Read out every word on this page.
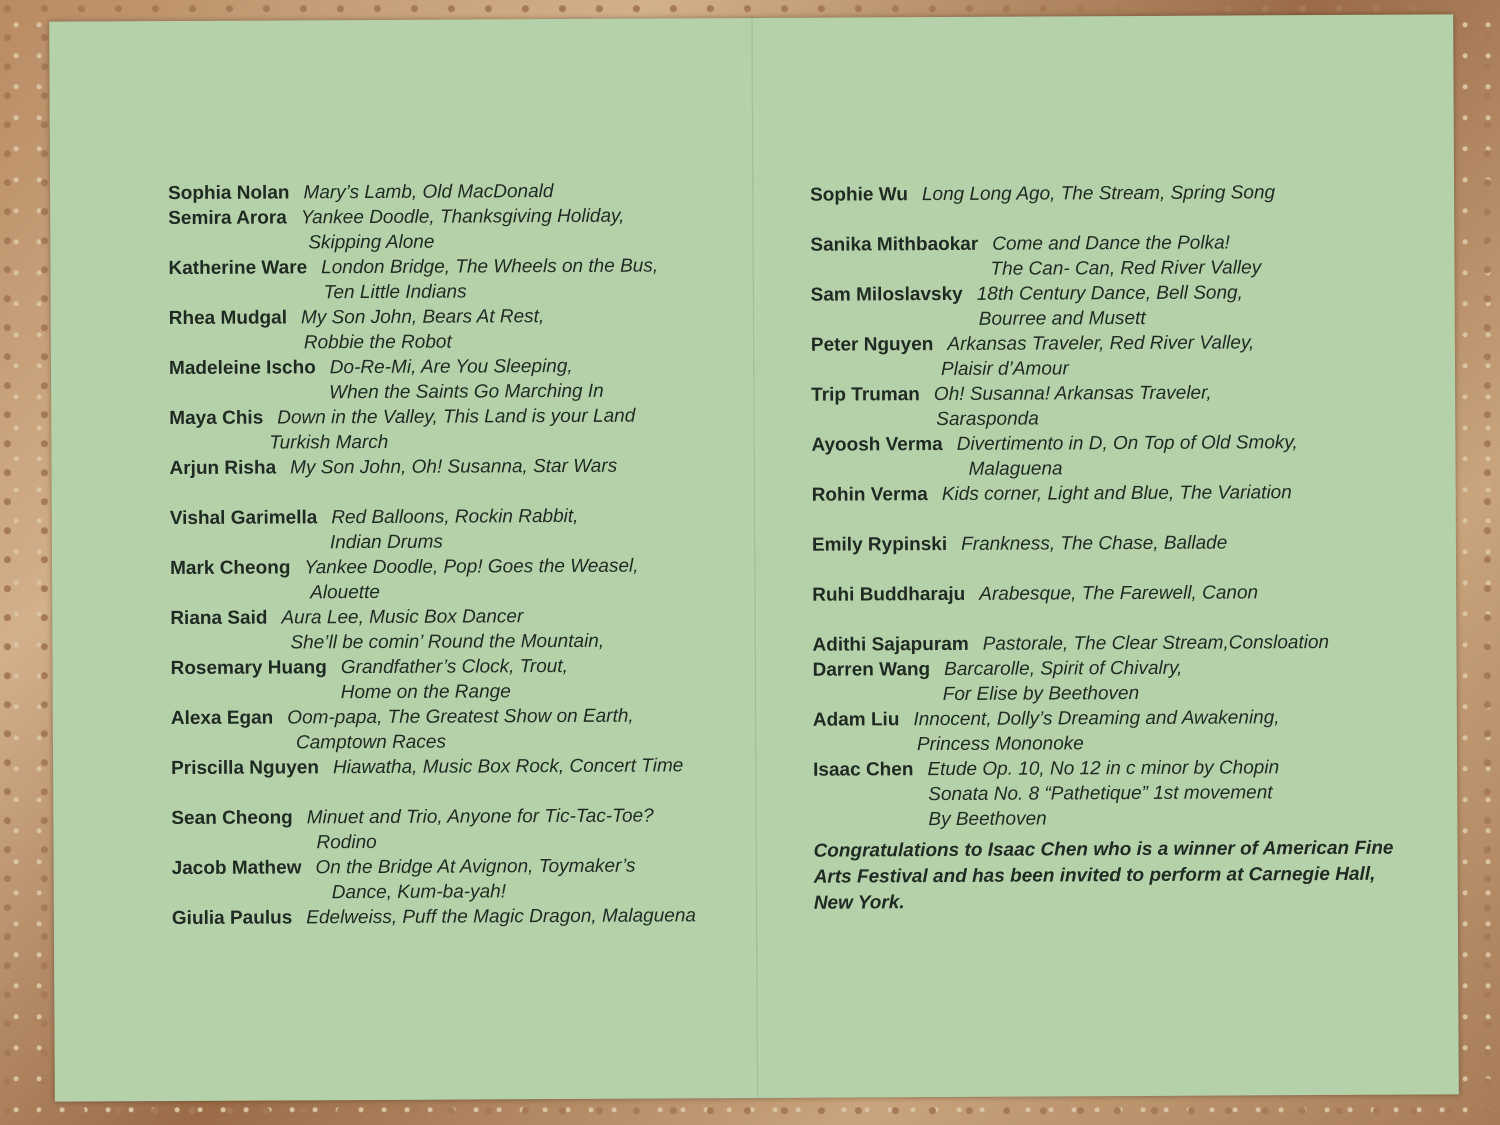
Sophia Nolan Mary’s Lamb, Old MacDonald
Semira Arora Yankee Doodle, Thanksgiving Holiday,
Skipping Alone
Katherine Ware London Bridge, The Wheels on the Bus,
Ten Little Indians
Rhea Mudgal My Son John, Bears At Rest,
Robbie the Robot
Madeleine Ischo Do-Re-Mi, Are You Sleeping,
When the Saints Go Marching In
Maya Chis Down in the Valley, This Land is your Land
Turkish March
Arjun Risha My Son John, Oh! Susanna, Star Wars
Vishal Garimella Red Balloons, Rockin Rabbit,
Indian Drums
Mark Cheong Yankee Doodle, Pop! Goes the Weasel,
Alouette
Riana Said Aura Lee, Music Box Dancer
She’ll be comin’ Round the Mountain,
Rosemary Huang Grandfather’s Clock, Trout,
Home on the Range
Alexa Egan Oom-papa, The Greatest Show on Earth,
Camptown Races
Priscilla Nguyen Hiawatha, Music Box Rock, Concert Time
Sean Cheong Minuet and Trio, Anyone for Tic-Tac-Toe?
Rodino
Jacob Mathew On the Bridge At Avignon, Toymaker’s
Dance, Kum-ba-yah!
Giulia Paulus Edelweiss, Puff the Magic Dragon, Malaguena
Sophie Wu Long Long Ago, The Stream, Spring Song
Sanika Mithbaokar Come and Dance the Polka!
The Can- Can, Red River Valley
Sam Miloslavsky 18th Century Dance, Bell Song,
Bourree and Musett
Peter Nguyen Arkansas Traveler, Red River Valley,
Plaisir d’Amour
Trip Truman Oh! Susanna! Arkansas Traveler,
Sarasponda
Ayoosh Verma Divertimento in D, On Top of Old Smoky,
Malaguena
Rohin Verma Kids corner, Light and Blue, The Variation
Emily Rypinski Frankness, The Chase, Ballade
Ruhi Buddharaju Arabesque, The Farewell, Canon
Adithi Sajapuram Pastorale, The Clear Stream,Consloation
Darren Wang Barcarolle, Spirit of Chivalry,
For Elise by Beethoven
Adam Liu Innocent, Dolly’s Dreaming and Awakening,
Princess Mononoke
Isaac Chen Etude Op. 10, No 12 in c minor by Chopin
Sonata No. 8 “Pathetique” 1st movement
By Beethoven
Congratulations to Isaac Chen who is a winner of American Fine Arts Festival and has been invited to perform at Carnegie Hall, New York.
